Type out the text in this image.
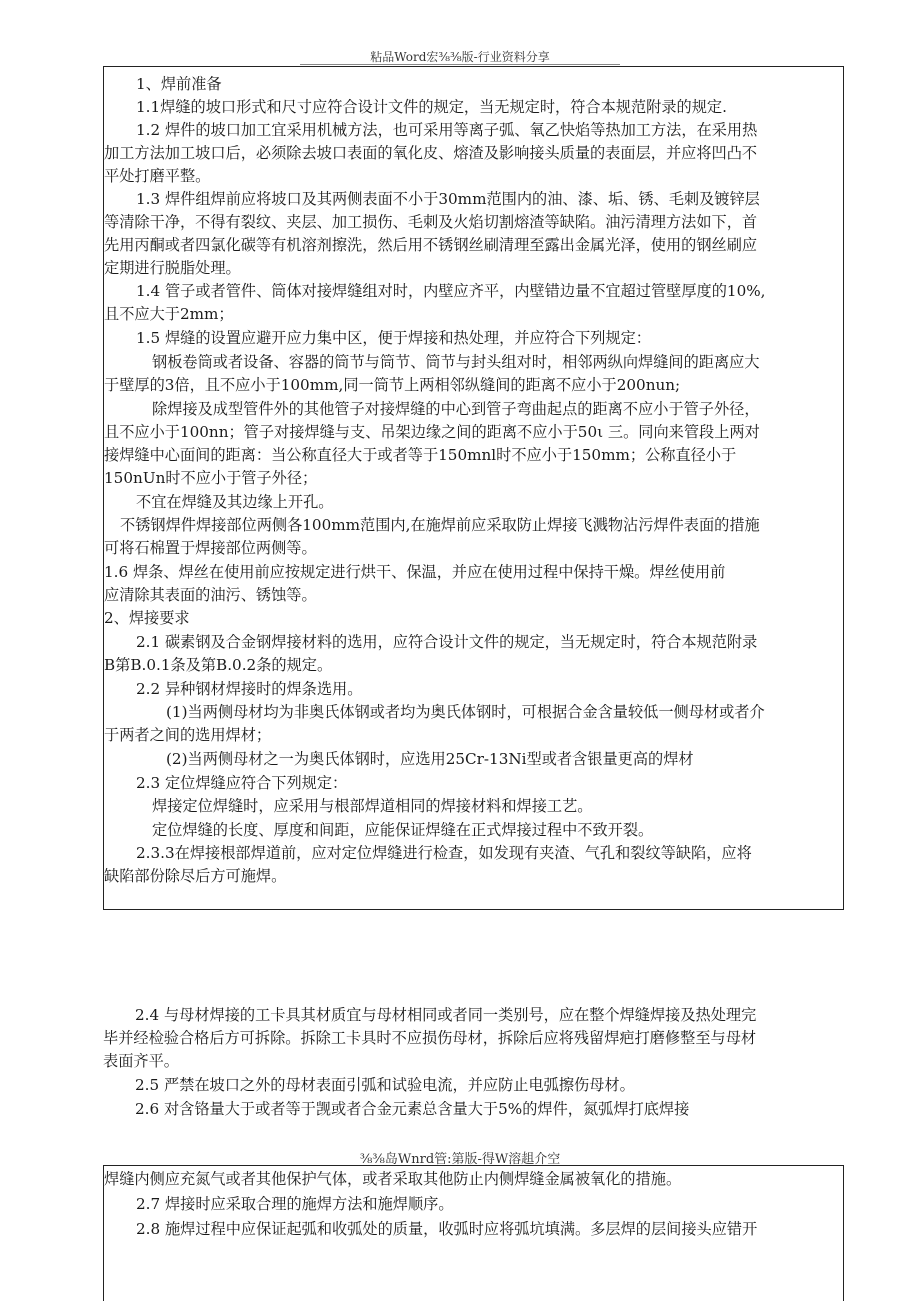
粘品Word宏⅜⅜版-行业资料分享

1、焊前准备

1.1焊缝的坡口形式和尺寸应符合设计文件的规定，当无规定时，符合本规范附录的规定.

1.2 焊件的坡口加工宜采用机械方法，也可采用等离子弧、氧乙快焰等热加工方法，在采用热

加工方法加工坡口后，必须除去坡口表面的氧化皮、熔渣及影响接头质量的表面层，并应将凹凸不

平处打磨平整。

1.3 焊件组焊前应将坡口及其两侧表面不小于30mm范围内的油、漆、垢、锈、毛刺及镀锌层

等清除干净，不得有裂纹、夹层、加工损伤、毛刺及火焰切割熔渣等缺陷。油污清理方法如下，首

先用丙酮或者四氯化碳等有机溶剂擦洗，然后用不锈钢丝刷清理至露出金属光泽，使用的钢丝刷应

定期进行脱脂处理。

1.4 管子或者管件、筒体对接焊缝组对时，内壁应齐平，内壁错边量不宜超过管壁厚度的10%,

且不应大于2mm；

1.5 焊缝的设置应避开应力集中区，便于焊接和热处理，并应符合下列规定：

钢板卷筒或者设备、容器的筒节与筒节、筒节与封头组对时，相邻两纵向焊缝间的距离应大

于壁厚的3倍，且不应小于100mm,同一筒节上两相邻纵缝间的距离不应小于200nun;

除焊接及成型管件外的其他管子对接焊缝的中心到管子弯曲起点的距离不应小于管子外径，

且不应小于100nn；管子对接焊缝与支、吊架边缘之间的距离不应小于50ι 三。同向来管段上两对

接焊缝中心面间的距离：当公称直径大于或者等于150mnl时不应小于150mm；公称直径小于

150nUn时不应小于管子外径；

不宜在焊缝及其边缘上开孔。

不锈钢焊件焊接部位两侧各100mm范围内,在施焊前应采取防止焊接飞溅物沾污焊件表面的措施

可将石棉置于焊接部位两侧等。

1.6 焊条、焊丝在使用前应按规定进行烘干、保温，并应在使用过程中保持干燥。焊丝使用前

应清除其表面的油污、锈蚀等。

2、焊接要求

2.1 碳素钢及合金钢焊接材料的选用，应符合设计文件的规定，当无规定时，符合本规范附录

B第B.0.1条及第B.0.2条的规定。

2.2 异种钢材焊接时的焊条选用。

(1)当两侧母材均为非奥氏体钢或者均为奥氏体钢时，可根据合金含量较低一侧母材或者介

于两者之间的选用焊材；

(2)当两侧母材之一为奥氏体钢时，应选用25Cr-13Ni型或者含银量更高的焊材

2.3 定位焊缝应符合下列规定：

焊接定位焊缝时，应采用与根部焊道相同的焊接材料和焊接工艺。

定位焊缝的长度、厚度和间距，应能保证焊缝在正式焊接过程中不致开裂。

2.3.3在焊接根部焊道前，应对定位焊缝进行检查，如发现有夹渣、气孔和裂纹等缺陷，应将

缺陷部份除尽后方可施焊。

2.4 与母材焊接的工卡具其材质宜与母材相同或者同一类别号，应在整个焊缝焊接及热处理完

毕并经检验合格后方可拆除。拆除工卡具时不应损伤母材，拆除后应将残留焊疤打磨修整至与母材

表面齐平。

2.5 严禁在坡口之外的母材表面引弧和试验电流，并应防止电弧擦伤母材。

2.6 对含铬量大于或者等于觊或者合金元素总含量大于5%的焊件，氮弧焊打底焊接

⅜⅜岛Wnrd管:第版-得W溶趄介空

焊缝内侧应充氮气或者其他保护气体，或者采取其他防止内侧焊缝金属被氧化的措施。

2.7 焊接时应采取合理的施焊方法和施焊顺序。

2.8 施焊过程中应保证起弧和收弧处的质量，收弧时应将弧坑填满。多层焊的层间接头应错开
